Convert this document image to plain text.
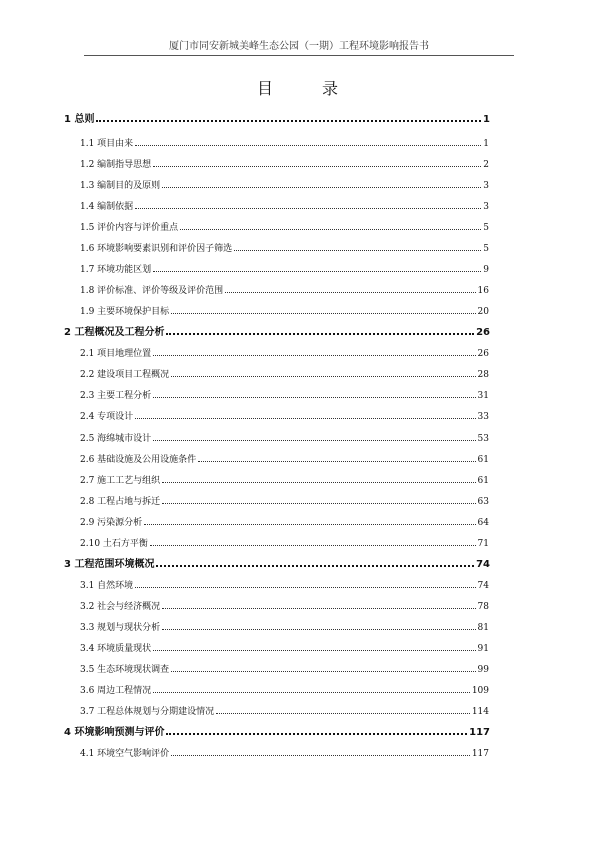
厦门市同安新城美峰生态公园（一期）工程环境影响报告书
目 录
1 总则	1
1.1 项目由来	1
1.2 编制指导思想	2
1.3 编制目的及原则	3
1.4 编制依据	3
1.5 评价内容与评价重点	5
1.6 环境影响要素识别和评价因子筛选	5
1.7 环境功能区划	9
1.8 评价标准、评价等级及评价范围	16
1.9 主要环境保护目标	20
2 工程概况及工程分析	26
2.1 项目地理位置	26
2.2 建设项目工程概况	28
2.3 主要工程分析	31
2.4 专项设计	33
2.5 海绵城市设计	53
2.6 基础设施及公用设施条件	61
2.7 施工工艺与组织	61
2.8 工程占地与拆迁	63
2.9 污染源分析	64
2.10 土石方平衡	71
3 工程范围环境概况	74
3.1 自然环境	74
3.2 社会与经济概况	78
3.3 规划与现状分析	81
3.4 环境质量现状	91
3.5 生态环境现状调查	99
3.6 周边工程情况	109
3.7 工程总体规划与分期建设情况	114
4 环境影响预测与评价	117
4.1 环境空气影响评价	117
